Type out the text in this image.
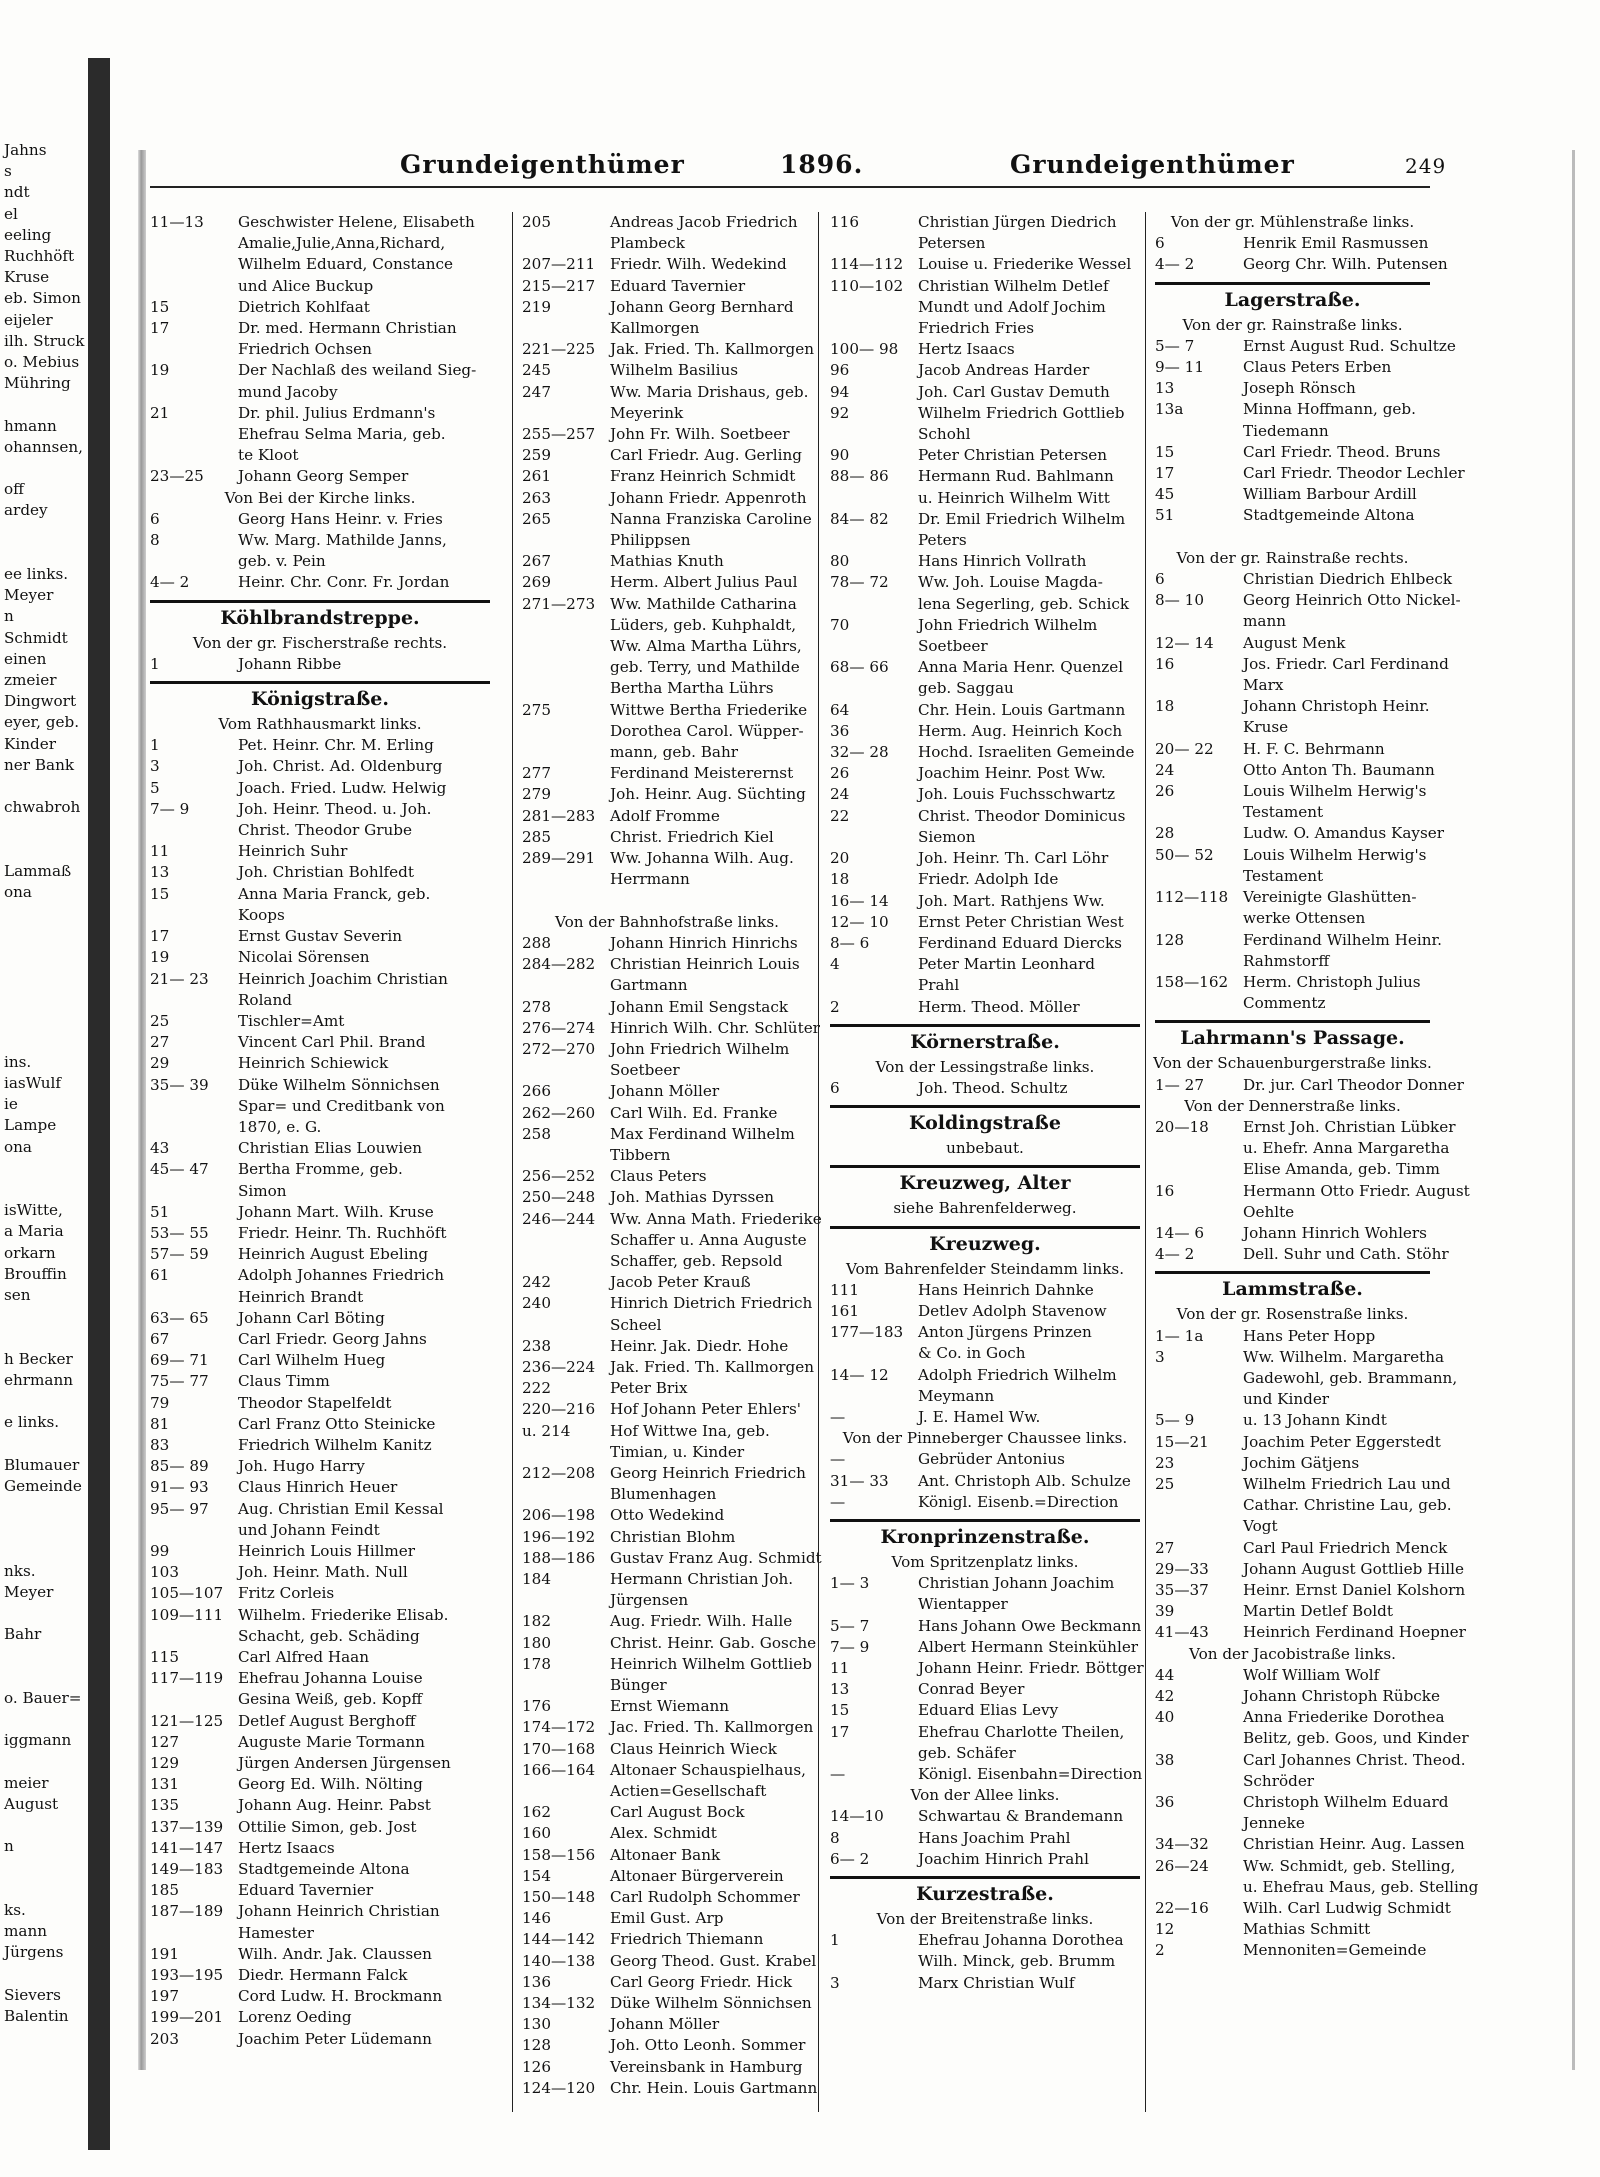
Jahns
s
ndt
el
eeling
Ruchhöft
Kruse
eb. Simon
eijeler
ilh. Struck
o. Mebius
Mühring

hmann
ohannsen,

off
ardey

ee links.
Meyer
n
Schmidt
einen
zmeier
Dingwort
eyer, geb.
Kinder
ner Bank

chwabroh

Lammaß
ona

ins.
iasWulf
ie
Lampe
ona

isWitte,
a Maria
orkarn
Brouffin
sen

h Becker
ehrmann

e links.

Blumauer
Gemeinde

nks.
Meyer

Bahr

o. Bauer=

iggmann

meier
August

n

ks.
mann
Jürgens

Sievers
Balentin
Grundeigenthümer	1896.	Grundeigenthümer	249
11—13	Geschwister Helene, Elisabeth
Amalie,Julie,Anna,Richard,
Wilhelm Eduard, Constance
und Alice Buckup
15	Dietrich Kohlfaat
17	Dr. med. Hermann Christian
Friedrich Ochsen
19	Der Nachlaß des weiland Sieg-
mund Jacoby
21	Dr. phil. Julius Erdmann's
Ehefrau Selma Maria, geb.
te Kloot
23—25	Johann Georg Semper
Von Bei der Kirche links.
6	Georg Hans Heinr. v. Fries
8	Ww. Marg. Mathilde Janns,
geb. v. Pein
4— 2	Heinr. Chr. Conr. Fr. Jordan
Köhlbrandstreppe.
Von der gr. Fischerstraße rechts.
1	Johann Ribbe
Königstraße.
Vom Rathhausmarkt links.
1	Pet. Heinr. Chr. M. Erling
3	Joh. Christ. Ad. Oldenburg
5	Joach. Fried. Ludw. Helwig
7— 9	Joh. Heinr. Theod. u. Joh.
Christ. Theodor Grube
11	Heinrich Suhr
13	Joh. Christian Bohlfedt
15	Anna Maria Franck, geb.
Koops
17	Ernst Gustav Severin
19	Nicolai Sörensen
21— 23	Heinrich Joachim Christian
Roland
25	Tischler=Amt
27	Vincent Carl Phil. Brand
29	Heinrich Schiewick
35— 39	Düke Wilhelm Sönnichsen
Spar= und Creditbank von
1870, e. G.
43	Christian Elias Louwien
45— 47	Bertha Fromme, geb.
Simon
51	Johann Mart. Wilh. Kruse
53— 55	Friedr. Heinr. Th. Ruchhöft
57— 59	Heinrich August Ebeling
61	Adolph Johannes Friedrich
Heinrich Brandt
63— 65	Johann Carl Böting
67	Carl Friedr. Georg Jahns
69— 71	Carl Wilhelm Hueg
75— 77	Claus Timm
79	Theodor Stapelfeldt
81	Carl Franz Otto Steinicke
83	Friedrich Wilhelm Kanitz
85— 89	Joh. Hugo Harry
91— 93	Claus Hinrich Heuer
95— 97	Aug. Christian Emil Kessal
und Johann Feindt
99	Heinrich Louis Hillmer
103	Joh. Heinr. Math. Null
105—107 Fritz Corleis
109—111 Wilhelm. Friederike Elisab.
Schacht, geb. Schäding
115	Carl Alfred Haan
117—119 Ehefrau Johanna Louise
Gesina Weiß, geb. Kopff
121—125 Detlef August Berghoff
127	Auguste Marie Tormann
129	Jürgen Andersen Jürgensen
131	Georg Ed. Wilh. Nölting
135	Johann Aug. Heinr. Pabst
137—139 Ottilie Simon, geb. Jost
141—147 Hertz Isaacs
149—183 Stadtgemeinde Altona
185	Eduard Tavernier
187—189 Johann Heinrich Christian
Hamester
191	Wilh. Andr. Jak. Claussen
193—195 Diedr. Hermann Falck
197	Cord Ludw. H. Brockmann
199—201 Lorenz Oeding
203	Joachim Peter Lüdemann
205	Andreas Jacob Friedrich
Plambeck
207—211 Friedr. Wilh. Wedekind
215—217 Eduard Tavernier
219	Johann Georg Bernhard
Kallmorgen
221—225 Jak. Fried. Th. Kallmorgen
245	Wilhelm Basilius
247	Ww. Maria Drishaus, geb.
Meyerink
255—257 John Fr. Wilh. Soetbeer
259	Carl Friedr. Aug. Gerling
261	Franz Heinrich Schmidt
263	Johann Friedr. Appenroth
265	Nanna Franziska Caroline
Philippsen
267	Mathias Knuth
269	Herm. Albert Julius Paul
271—273 Ww. Mathilde Catharina
Lüders, geb. Kuhphaldt,
Ww. Alma Martha Lührs,
geb. Terry, und Mathilde
Bertha Martha Lührs
275	Wittwe Bertha Friederike
Dorothea Carol. Wüpper-
mann, geb. Bahr
277	Ferdinand Meisterernst
279	Joh. Heinr. Aug. Süchting
281—283 Adolf Fromme
285	Christ. Friedrich Kiel
289—291 Ww. Johanna Wilh. Aug.
Herrmann

Von der Bahnhofstraße links.
288	Johann Hinrich Hinrichs
284—282 Christian Heinrich Louis
Gartmann
278	Johann Emil Sengstack
276—274 Hinrich Wilh. Chr. Schlüter
272—270 John Friedrich Wilhelm
Soetbeer
266	Johann Möller
262—260 Carl Wilh. Ed. Franke
258	Max Ferdinand Wilhelm
Tibbern
256—252 Claus Peters
250—248 Joh. Mathias Dyrssen
246—244 Ww. Anna Math. Friederike
Schaffer u. Anna Auguste
Schaffer, geb. Repsold
242	Jacob Peter Krauß
240	Hinrich Dietrich Friedrich
Scheel
238	Heinr. Jak. Diedr. Hohe
236—224 Jak. Fried. Th. Kallmorgen
222	Peter Brix
220—216 Hof Johann Peter Ehlers'
u. 214	Hof Wittwe Ina, geb.
Timian, u. Kinder
212—208 Georg Heinrich Friedrich
Blumenhagen
206—198 Otto Wedekind
196—192 Christian Blohm
188—186 Gustav Franz Aug. Schmidt
184	Hermann Christian Joh.
Jürgensen
182	Aug. Friedr. Wilh. Halle
180	Christ. Heinr. Gab. Gosche
178	Heinrich Wilhelm Gottlieb
Bünger
176	Ernst Wiemann
174—172 Jac. Fried. Th. Kallmorgen
170—168 Claus Heinrich Wieck
166—164 Altonaer Schauspielhaus,
Actien=Gesellschaft
162	Carl August Bock
160	Alex. Schmidt
158—156 Altonaer Bank
154	Altonaer Bürgerverein
150—148 Carl Rudolph Schommer
146	Emil Gust. Arp
144—142 Friedrich Thiemann
140—138 Georg Theod. Gust. Krabel
136	Carl Georg Friedr. Hick
134—132 Düke Wilhelm Sönnichsen
130	Johann Möller
128	Joh. Otto Leonh. Sommer
126	Vereinsbank in Hamburg
124—120 Chr. Hein. Louis Gartmann
116	Christian Jürgen Diedrich
Petersen
114—112 Louise u. Friederike Wessel
110—102 Christian Wilhelm Detlef
Mundt und Adolf Jochim
Friedrich Fries
100— 98	Hertz Isaacs
96	Jacob Andreas Harder
94	Joh. Carl Gustav Demuth
92	Wilhelm Friedrich Gottlieb
Schohl
90	Peter Christian Petersen
88— 86	Hermann Rud. Bahlmann
u. Heinrich Wilhelm Witt
84— 82	Dr. Emil Friedrich Wilhelm
Peters
80	Hans Hinrich Vollrath
78— 72	Ww. Joh. Louise Magda-
lena Segerling, geb. Schick
70	John Friedrich Wilhelm
Soetbeer
68— 66	Anna Maria Henr. Quenzel
geb. Saggau
64	Chr. Hein. Louis Gartmann
36	Herm. Aug. Heinrich Koch
32— 28	Hochd. Israeliten Gemeinde
26	Joachim Heinr. Post Ww.
24	Joh. Louis Fuchsschwartz
22	Christ. Theodor Dominicus
Siemon
20	Joh. Heinr. Th. Carl Löhr
18	Friedr. Adolph Ide
16— 14	Joh. Mart. Rathjens Ww.
12— 10	Ernst Peter Christian West
8— 6	Ferdinand Eduard Diercks
4	Peter Martin Leonhard
Prahl
2	Herm. Theod. Möller
Körnerstraße.
Von der Lessingstraße links.
6	Joh. Theod. Schultz
Koldingstraße
unbebaut.
Kreuzweg, Alter
siehe Bahrenfelderweg.
Kreuzweg.
Vom Bahrenfelder Steindamm links.
111	Hans Heinrich Dahnke
161	Detlev Adolph Stavenow
177—183 Anton Jürgens Prinzen
& Co. in Goch
14— 12	Adolph Friedrich Wilhelm
Meymann
—	J. E. Hamel Ww.
Von der Pinneberger Chaussee links.
—	Gebrüder Antonius
31— 33	Ant. Christoph Alb. Schulze
—	Königl. Eisenb.=Direction
Kronprinzenstraße.
Vom Spritzenplatz links.
1— 3	Christian Johann Joachim
Wientapper
5— 7	Hans Johann Owe Beckmann
7— 9	Albert Hermann Steinkühler
11	Johann Heinr. Friedr. Böttger
13	Conrad Beyer
15	Eduard Elias Levy
17	Ehefrau Charlotte Theilen,
geb. Schäfer
—	Königl. Eisenbahn=Direction
Von der Allee links.
14—10	Schwartau & Brandemann
8	Hans Joachim Prahl
6— 2	Joachim Hinrich Prahl
Kurzestraße.
Von der Breitenstraße links.
1	Ehefrau Johanna Dorothea
Wilh. Minck, geb. Brumm
3	Marx Christian Wulf
Von der gr. Mühlenstraße links.
6	Henrik Emil Rasmussen
4— 2	Georg Chr. Wilh. Putensen
Lagerstraße.
Von der gr. Rainstraße links.
5— 7	Ernst August Rud. Schultze
9— 11	Claus Peters Erben
13	Joseph Rönsch
13a	Minna Hoffmann, geb.
Tiedemann
15	Carl Friedr. Theod. Bruns
17	Carl Friedr. Theodor Lechler
45	William Barbour Ardill
51	Stadtgemeinde Altona

Von der gr. Rainstraße rechts.
6	Christian Diedrich Ehlbeck
8— 10	Georg Heinrich Otto Nickel-
mann
12— 14	August Menk
16	Jos. Friedr. Carl Ferdinand
Marx
18	Johann Christoph Heinr.
Kruse
20— 22	H. F. C. Behrmann
24	Otto Anton Th. Baumann
26	Louis Wilhelm Herwig's
Testament
28	Ludw. O. Amandus Kayser
50— 52	Louis Wilhelm Herwig's
Testament
112—118 Vereinigte Glashütten-
werke Ottensen
128	Ferdinand Wilhelm Heinr.
Rahmstorff
158—162 Herm. Christoph Julius
Commentz
Lahrmann's Passage.
Von der Schauenburgerstraße links.
1— 27	Dr. jur. Carl Theodor Donner
Von der Dennerstraße links.
20—18	Ernst Joh. Christian Lübker
u. Ehefr. Anna Margaretha
Elise Amanda, geb. Timm
16	Hermann Otto Friedr. August
Oehlte
14— 6	Johann Hinrich Wohlers
4— 2	Dell. Suhr und Cath. Stöhr
Lammstraße.
Von der gr. Rosenstraße links.
1— 1a	Hans Peter Hopp
3	Ww. Wilhelm. Margaretha
Gadewohl, geb. Brammann,
und Kinder
5— 9	u. 13 Johann Kindt
15—21	Joachim Peter Eggerstedt
23	Jochim Gätjens
25	Wilhelm Friedrich Lau und
Cathar. Christine Lau, geb.
Vogt
27	Carl Paul Friedrich Menck
29—33	Johann August Gottlieb Hille
35—37	Heinr. Ernst Daniel Kolshorn
39	Martin Detlef Boldt
41—43	Heinrich Ferdinand Hoepner
Von der Jacobistraße links.
44	Wolf William Wolf
42	Johann Christoph Rübcke
40	Anna Friederike Dorothea
Belitz, geb. Goos, und Kinder
38	Carl Johannes Christ. Theod.
Schröder
36	Christoph Wilhelm Eduard
Jenneke
34—32	Christian Heinr. Aug. Lassen
26—24	Ww. Schmidt, geb. Stelling,
u. Ehefrau Maus, geb. Stelling
22—16	Wilh. Carl Ludwig Schmidt
12	Mathias Schmitt
2	Mennoniten=Gemeinde
